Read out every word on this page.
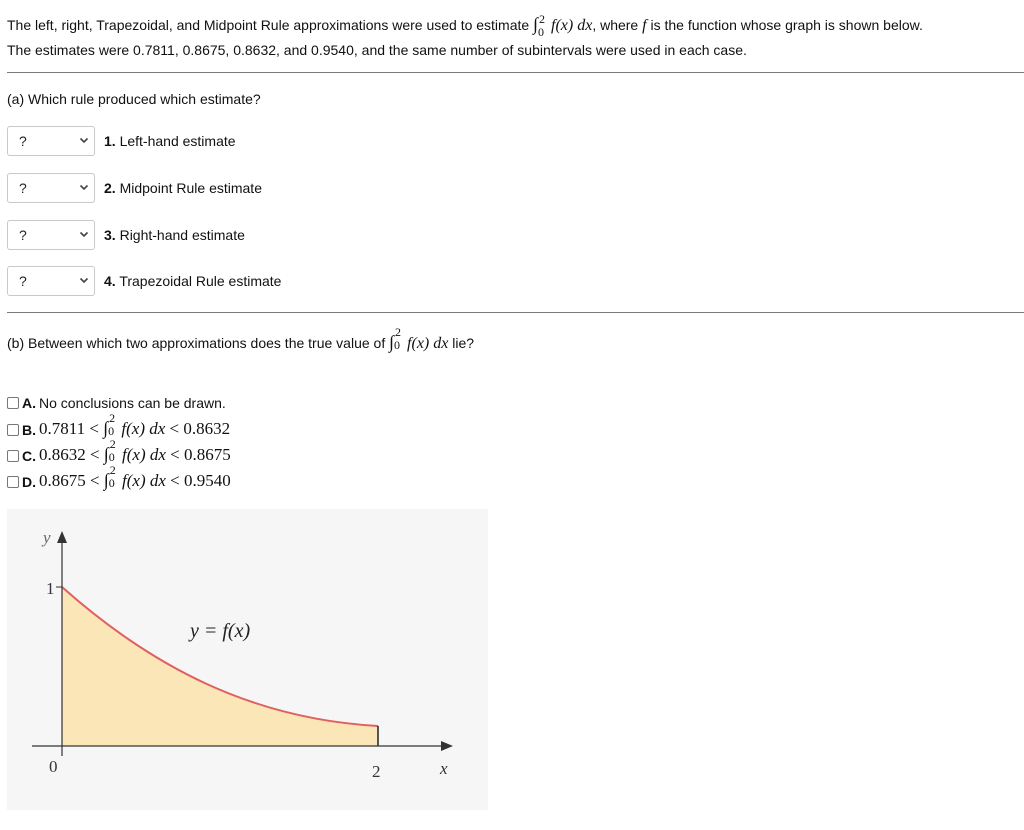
The left, right, Trapezoidal, and Midpoint Rule approximations were used to estimate ∫ 2
0 f(x) dx, where f is the function whose graph is shown below.
The estimates were 0.7811, 0.8675, 0.8632, and 0.9540, and the same number of subintervals were used in each case.
(a) Which rule produced which estimate?
?	1. Left-hand estimate
?	2. Midpoint Rule estimate
?	3. Right-hand estimate
?	4. Trapezoidal Rule estimate
(b) Between which two approximations does the true value of ∫ 2
0 f(x) dx lie?
A. No conclusions can be drawn.
B. 0.7811 < ∫ 2
0 f(x) dx < 0.8632
C. 0.8632 < ∫ 2
0 f(x) dx < 0.8675
D. 0.8675 < ∫ 2
0 f(x) dx < 0.9540
y
1
0	2	x
y = f(x)
